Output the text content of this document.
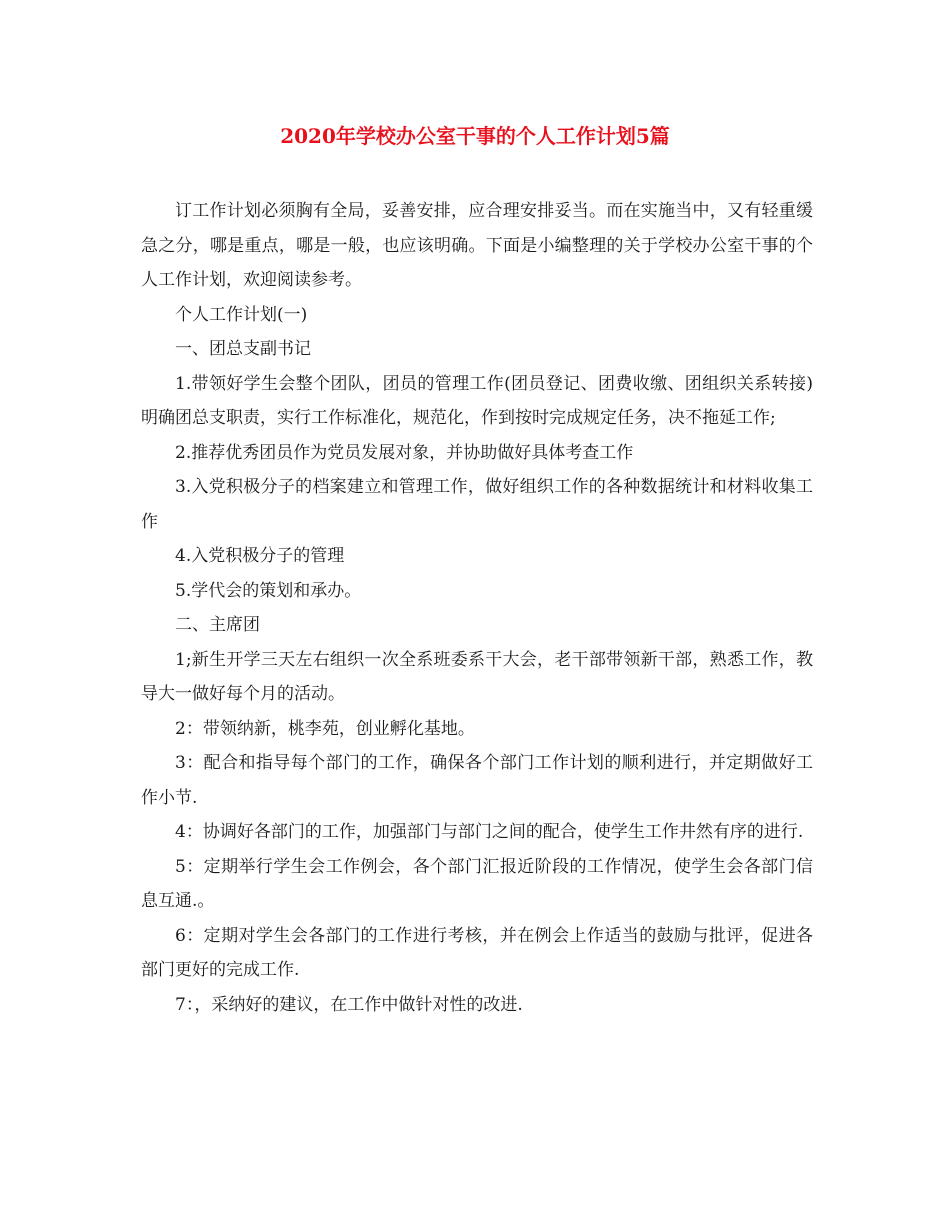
2020年学校办公室干事的个人工作计划5篇

订工作计划必须胸有全局，妥善安排，应合理安排妥当。而在实施当中，又有轻重缓急之分，哪是重点，哪是一般，也应该明确。下面是小编整理的关于学校办公室干事的个人工作计划，欢迎阅读参考。

个人工作计划(一)

一、团总支副书记

1.带领好学生会整个团队，团员的管理工作(团员登记、团费收缴、团组织关系转接)明确团总支职责，实行工作标准化，规范化，作到按时完成规定任务，决不拖延工作;

2.推荐优秀团员作为党员发展对象，并协助做好具体考查工作

3.入党积极分子的档案建立和管理工作，做好组织工作的各种数据统计和材料收集工作

4.入党积极分子的管理

5.学代会的策划和承办。

二、主席团

1;新生开学三天左右组织一次全系班委系干大会，老干部带领新干部，熟悉工作，教导大一做好每个月的活动。

2：带领纳新，桃李苑，创业孵化基地。

3：配合和指导每个部门的工作，确保各个部门工作计划的顺利进行，并定期做好工作小节.

4：协调好各部门的工作，加强部门与部门之间的配合，使学生工作井然有序的进行.

5：定期举行学生会工作例会，各个部门汇报近阶段的工作情况，使学生会各部门信息互通.。

6：定期对学生会各部门的工作进行考核，并在例会上作适当的鼓励与批评，促进各部门更好的完成工作.

7：，采纳好的建议，在工作中做针对性的改进.
